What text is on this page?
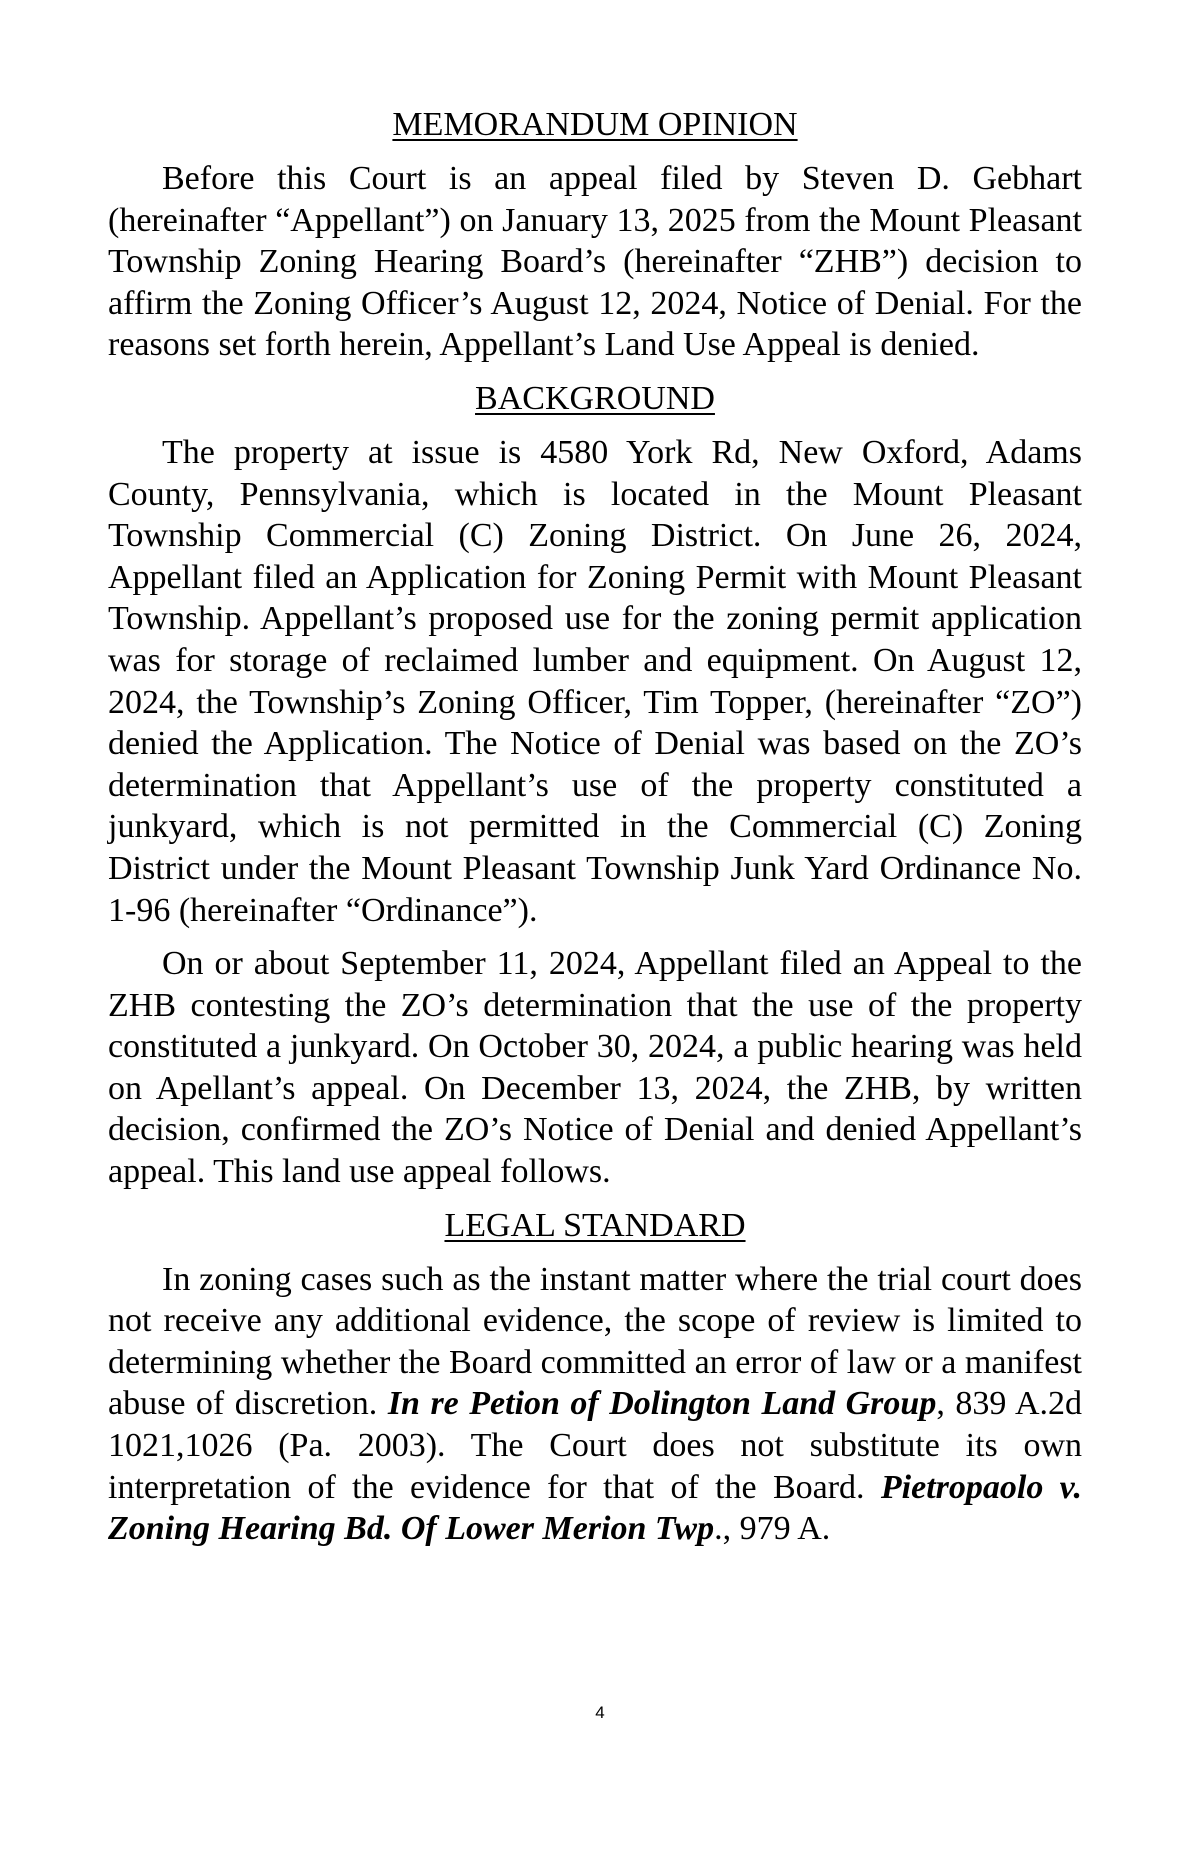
MEMORANDUM OPINION

Before this Court is an appeal filed by Steven D. Gebhart (hereinafter “Appellant”) on January 13, 2025 from the Mount Pleasant Township Zoning Hearing Board’s (hereinafter “ZHB”) decision to affirm the Zoning Officer’s August 12, 2024, Notice of Denial. For the reasons set forth herein, Appellant’s Land Use Appeal is denied.

BACKGROUND

The property at issue is 4580 York Rd, New Oxford, Adams County, Pennsylvania, which is located in the Mount Pleasant Township Commercial (C) Zoning District. On June 26, 2024, Appellant filed an Application for Zoning Permit with Mount Pleasant Township. Appellant’s proposed use for the zoning permit application was for storage of reclaimed lumber and equipment. On August 12, 2024, the Township’s Zoning Officer, Tim Topper, (hereinafter “ZO”) denied the Application. The Notice of Denial was based on the ZO’s determination that Appellant’s use of the property constituted a junkyard, which is not permitted in the Commercial (C) Zoning District under the Mount Pleasant Township Junk Yard Ordinance No. 1-96 (hereinafter “Ordinance”).

On or about September 11, 2024, Appellant filed an Appeal to the ZHB contesting the ZO’s determination that the use of the property constituted a junkyard. On October 30, 2024, a public hearing was held on Apellant’s appeal. On December 13, 2024, the ZHB, by written decision, confirmed the ZO’s Notice of Denial and denied Appellant’s appeal. This land use appeal follows.

LEGAL STANDARD

In zoning cases such as the instant matter where the trial court does not receive any additional evidence, the scope of review is limited to determining whether the Board committed an error of law or a manifest abuse of discretion. In re Petion of Dolington Land Group, 839 A.2d 1021,1026 (Pa. 2003). The Court does not substitute its own interpretation of the evidence for that of the Board. Pietropaolo v. Zoning Hearing Bd. Of Lower Merion Twp., 979 A.

4
